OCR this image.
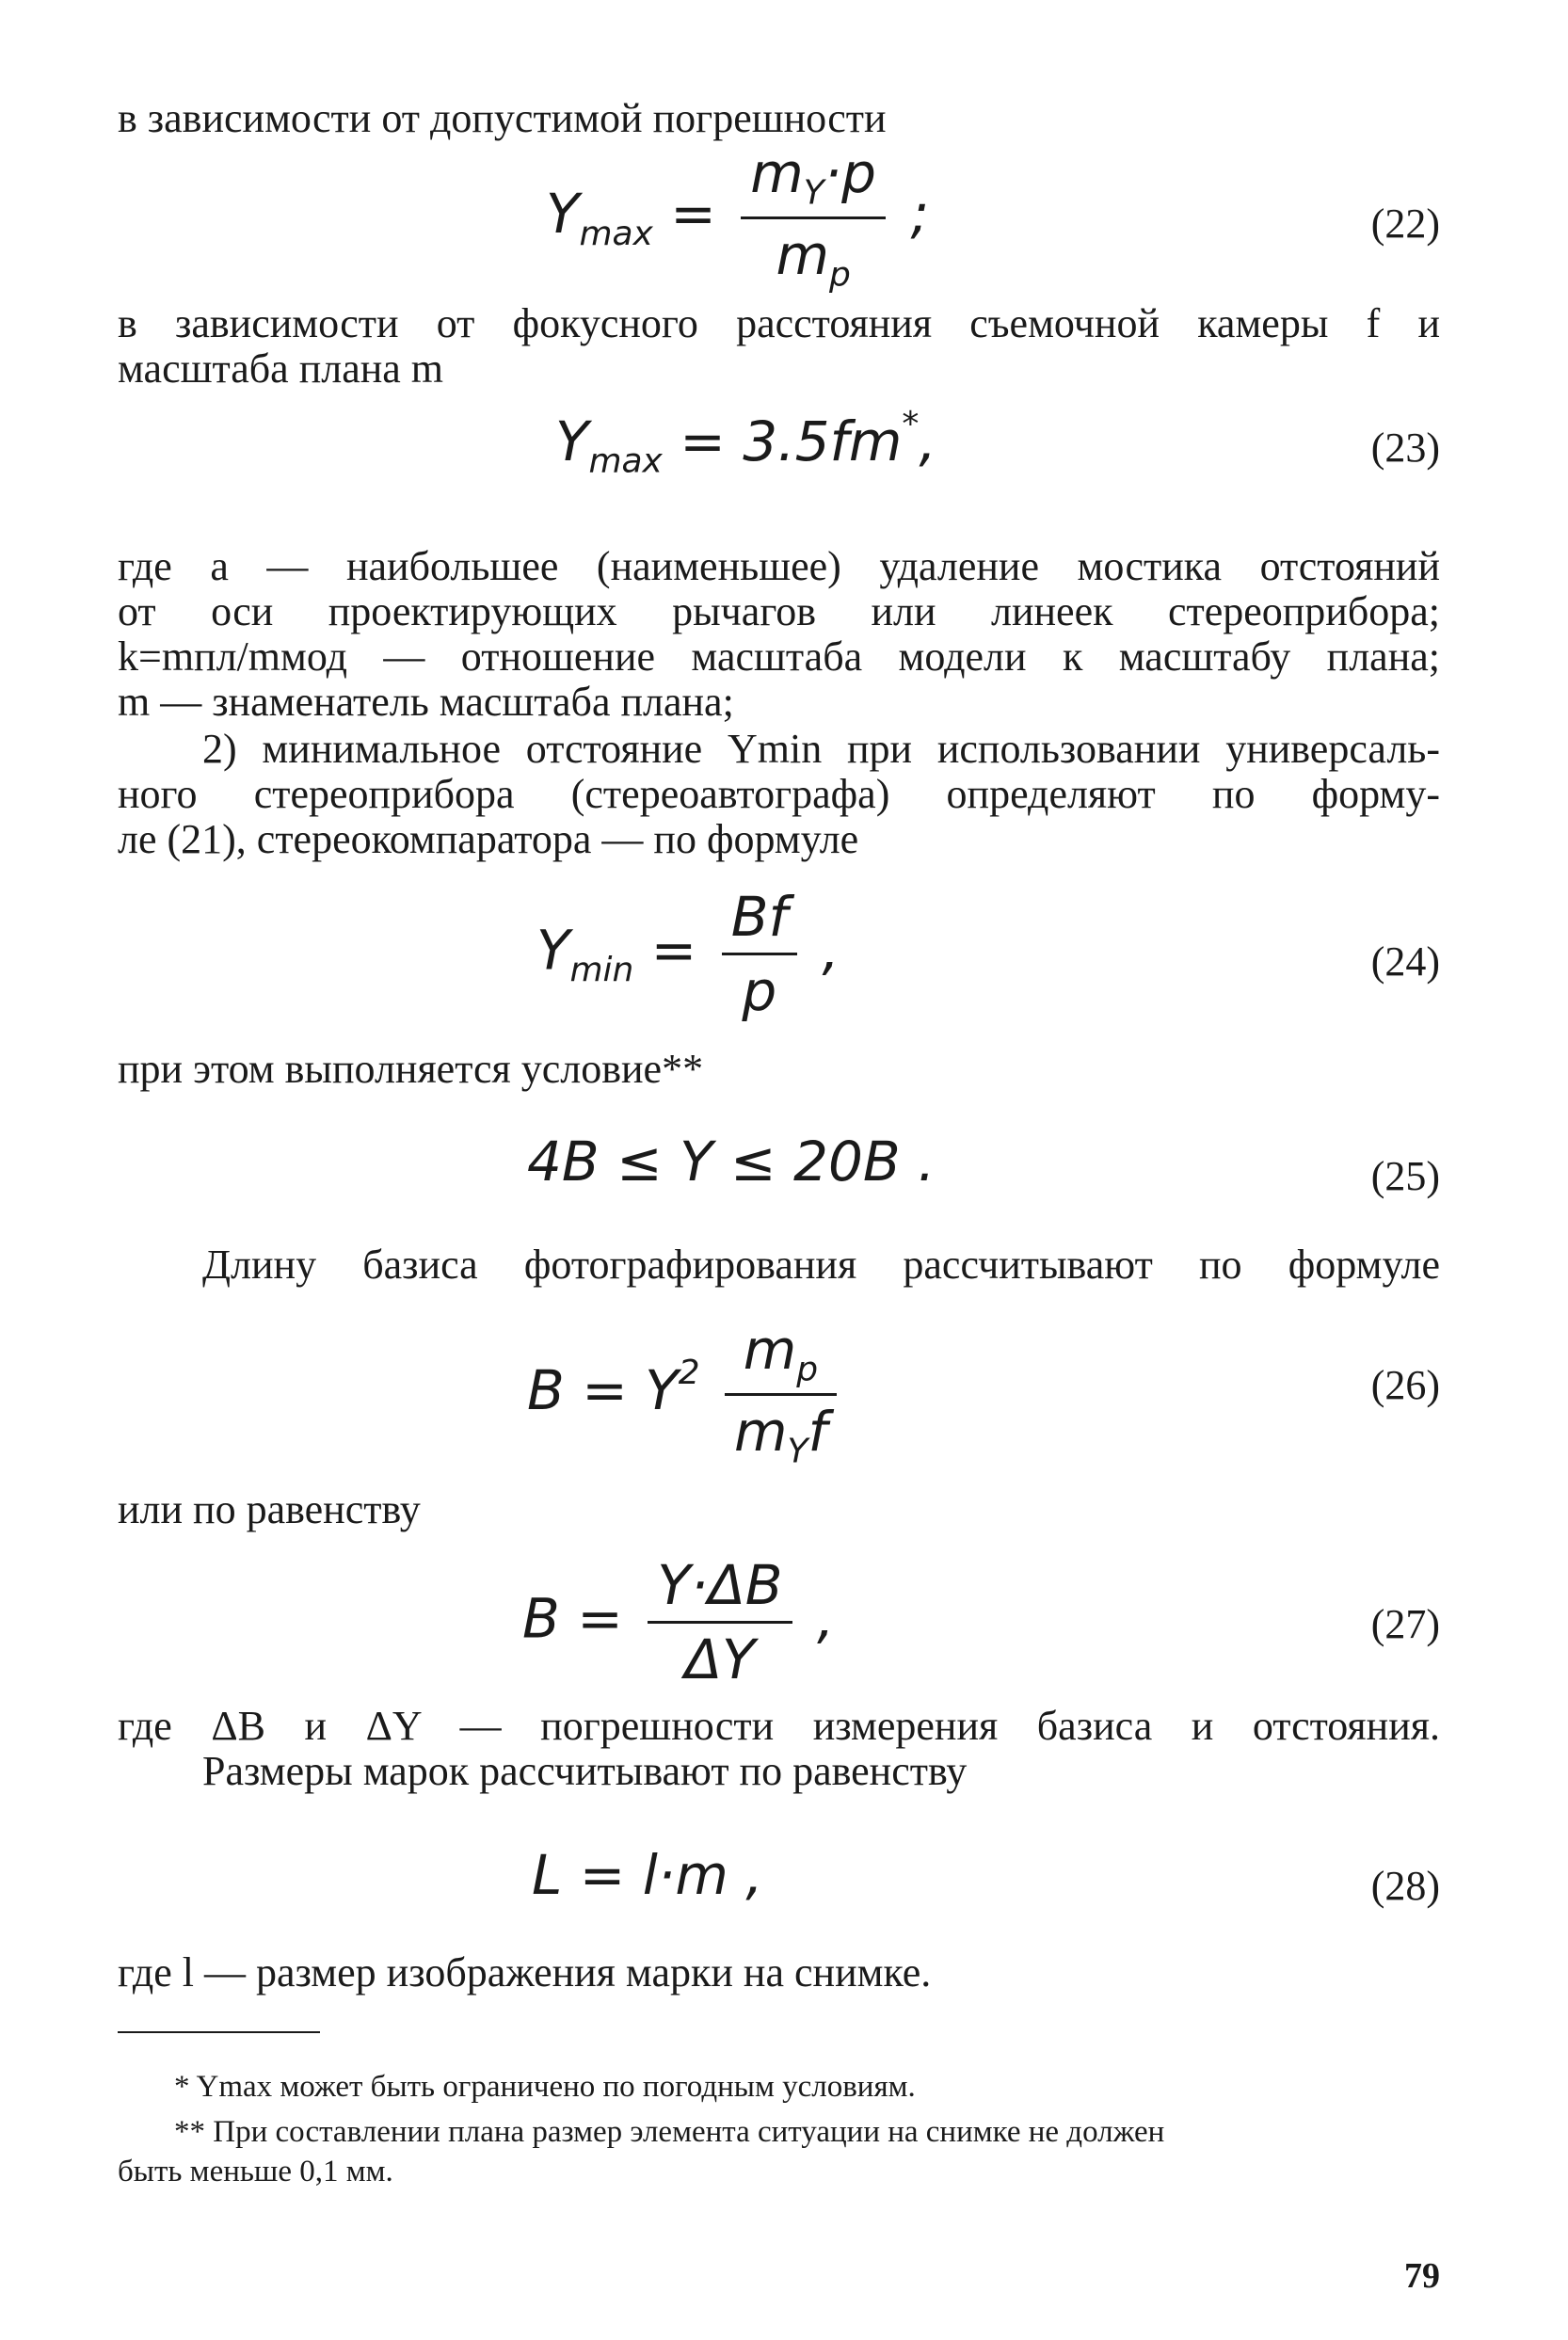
в зависимости от допустимой погрешности
$Y_{max} = \frac{m_Y\cdot p}{m_p}$ ;	(22)
в зависимости от фокусного расстояния съемочной камеры f и
масштаба плана m
$Y_{max} = 3.5fm^*$,	(23)
где a — наибольшее (наименьшее) удаление мостика отстояний
от оси проектирующих рычагов или линеек стереоприбора;
k=mпл/mмод — отношение масштаба модели к масштабу плана;
m — знаменатель масштаба плана;
2) минимальное отстояние Ymin при использовании универсаль-
ного стереоприбора (стереоавтографа) определяют по форму-
ле (21), стереокомпаратора — по формуле
$Y_{min} = \frac{Bf}{p}$ ,	(24)
при этом выполняется условие**
4B ≤ Y ≤ 20B .	(25)
Длину базиса фотографирования рассчитывают по формуле
$B = Y^2 \frac{m_p}{m_Yf}$	(26)
или по равенству
$B = \frac{Y\cdot\Delta B}{\Delta Y}$ ,	(27)
где ΔB и ΔY — погрешности измерения базиса и отстояния.
Размеры марок рассчитывают по равенству
L = l·m ,	(28)
где l — размер изображения марки на снимке.
* Ymax может быть ограничено по погодным условиям.
** При составлении плана размер элемента ситуации на снимке не должен
быть меньше 0,1 мм.
79
